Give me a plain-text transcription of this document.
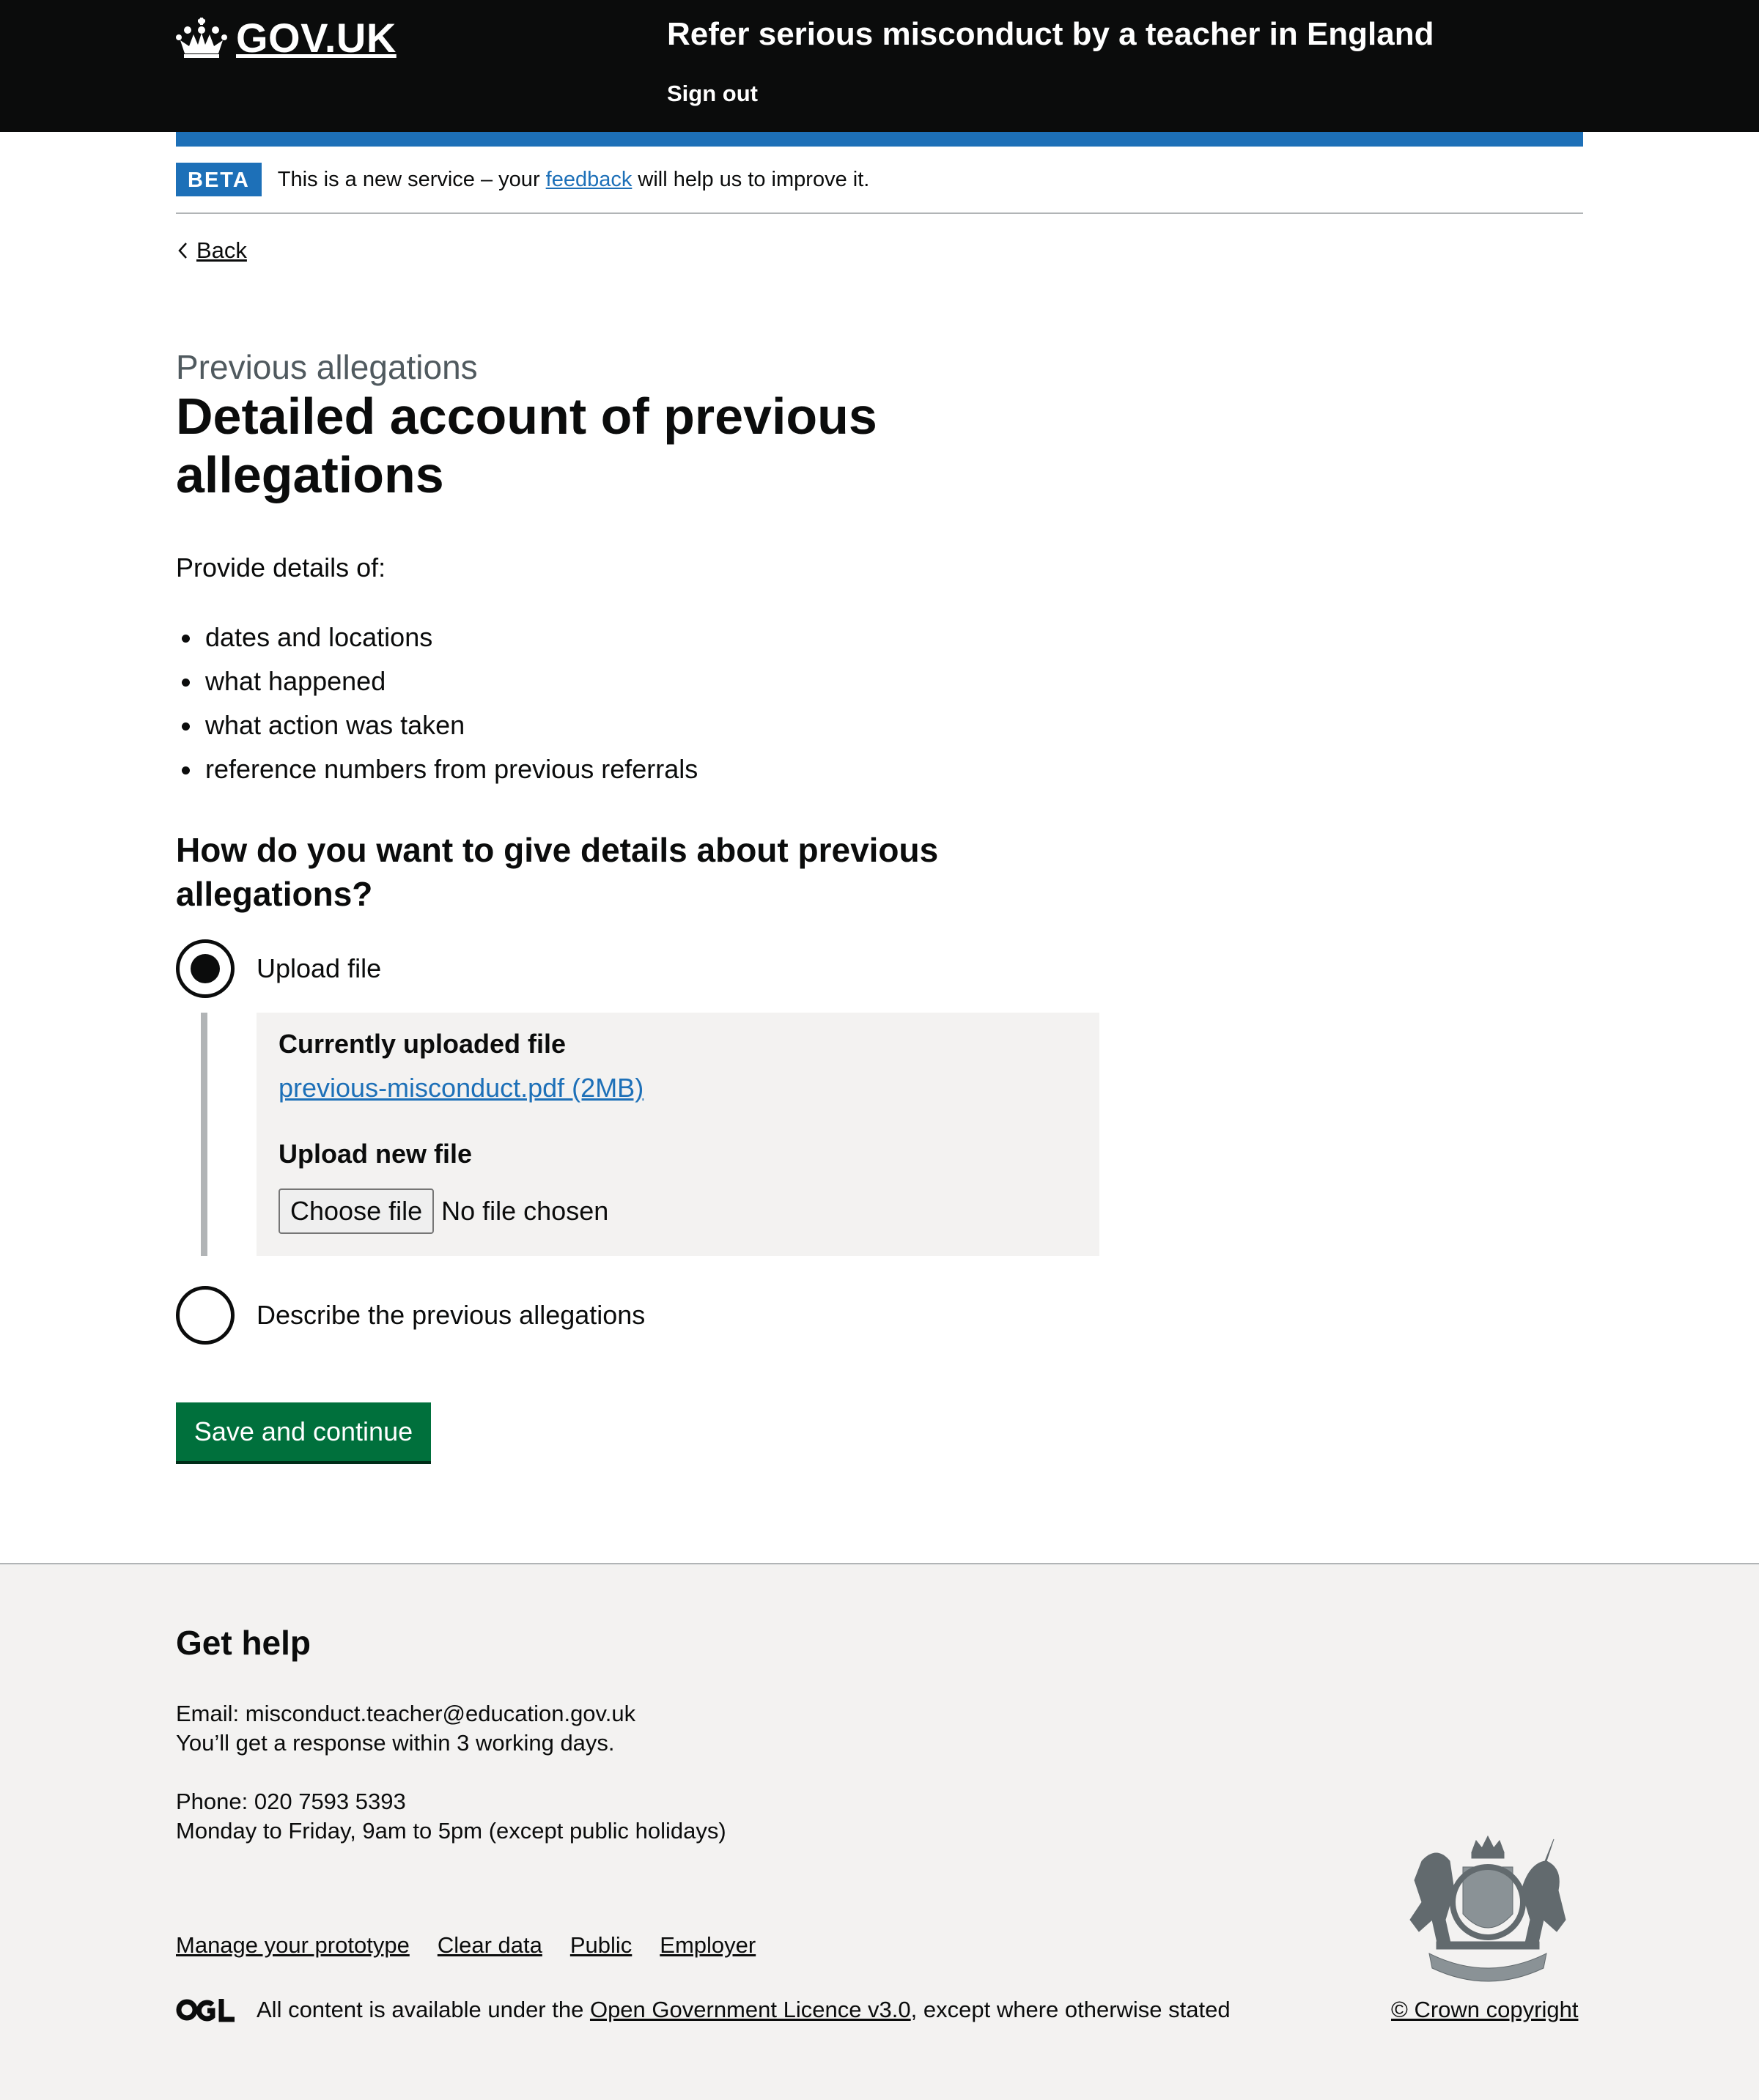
GOV.UK	Refer serious misconduct by a teacher in England
Sign out
BETA	This is a new service – your feedback will help us to improve it.
Back
Previous allegations
Detailed account of previous allegations

Provide details of:

dates and locations
what happened
what action was taken
reference numbers from previous referrals
How do you want to give details about previous allegations?
Upload file
Currently uploaded file
previous-misconduct.pdf (2MB)
Upload new file
Choose file No file chosen
Describe the previous allegations
Save and continue
Get help
Email: misconduct.teacher@education.gov.uk
You’ll get a response within 3 working days.
Phone: 020 7593 5393
Monday to Friday, 9am to 5pm (except public holidays)
Manage your prototype Clear data Public Employer
All content is available under the Open Government Licence v3.0, except where otherwise stated	© Crown copyright
